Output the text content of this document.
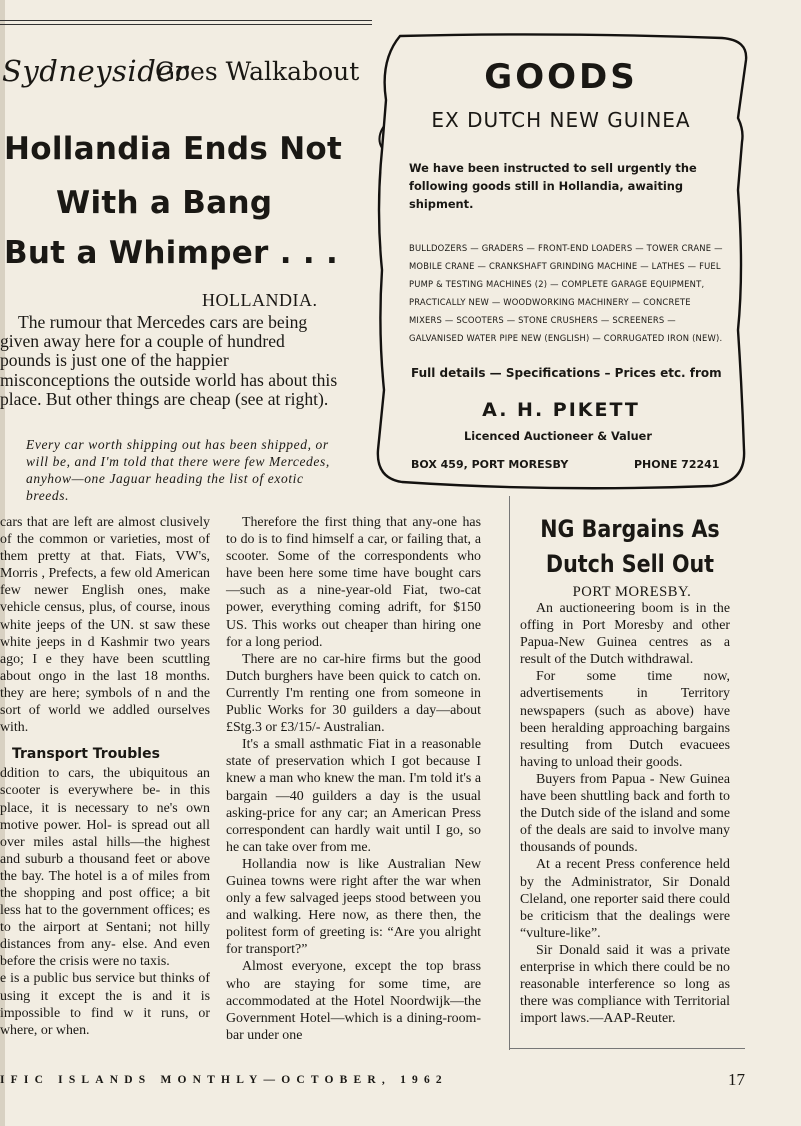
Sydneysider
Goes Walkabout
Hollandia Ends Not
With a Bang
But a Whimper . . .
HOLLANDIA.

The rumour that Mercedes cars are being given away here for a couple of hundred pounds is just one of the happier misconceptions the outside world has about this place. But other things are cheap (see at right).

Every car worth shipping out has been shipped, or will be, and I'm told that there were few Mercedes, anyhow—one Jaguar heading the list of exotic breeds.

cars that are left are almost clusively of the common or varieties, most of them pretty at that. Fiats, VW's, Morris , Prefects, a few old American few newer English ones, make vehicle census, plus, of course, inous white jeeps of the UN. st saw these white jeeps in d Kashmir two years ago; I e they have been scuttling about ongo in the last 18 months. they are here; symbols of n and the sort of world we addled ourselves with.

Transport Troubles

ddition to cars, the ubiquitous an scooter is everywhere be- in this place, it is necessary to ne's own motive power. Hol- is spread out all over miles astal hills—the highest and suburb a thousand feet or above the bay. The hotel is a of miles from the shopping and post office; a bit less hat to the government offices; es to the airport at Sentani; not hilly distances from any- else. And even before the crisis were no taxis.

e is a public bus service but thinks of using it except the is and it is impossible to find w it runs, or where, or when.

Therefore the first thing that any-one has to do is to find himself a car, or failing that, a scooter. Some of the correspondents who have been here some time have bought cars—such as a nine-year-old Fiat, two-cat power, everything coming adrift, for $150 US. This works out cheaper than hiring one for a long period.

There are no car-hire firms but the good Dutch burghers have been quick to catch on. Currently I'm renting one from someone in Public Works for 30 guilders a day—about £Stg.3 or £3/15/- Australian.

It's a small asthmatic Fiat in a reasonable state of preservation which I got because I knew a man who knew the man. I'm told it's a bargain —40 guilders a day is the usual asking-price for any car; an American Press correspondent can hardly wait until I go, so he can take over from me.

Hollandia now is like Australian New Guinea towns were right after the war when only a few salvaged jeeps stood between you and walking. Here now, as there then, the politest form of greeting is: “Are you alright for transport?”

Almost everyone, except the top brass who are staying for some time, are accommodated at the Hotel Noordwijk—the Government Hotel—which is a dining-room-bar under one

NG Bargains As Dutch Sell Out
PORT MORESBY.

An auctioneering boom is in the offing in Port Moresby and other Papua-New Guinea centres as a result of the Dutch withdrawal.

For some time now, advertisements in Territory newspapers (such as above) have been heralding approaching bargains resulting from Dutch evacuees having to unload their goods.

Buyers from Papua - New Guinea have been shuttling back and forth to the Dutch side of the island and some of the deals are said to involve many thousands of pounds.

At a recent Press conference held by the Administrator, Sir Donald Cleland, one reporter said there could be criticism that the dealings were “vulture-like”.

Sir Donald said it was a private enterprise in which there could be no reasonable interference so long as there was compliance with Territorial import laws.—AAP-Reuter.

GOODS
EX DUTCH NEW GUINEA
We have been instructed to sell urgently the following goods still in Hollandia, awaiting shipment.
BULLDOZERS — GRADERS — FRONT-END LOADERS — TOWER CRANE — MOBILE CRANE — CRANKSHAFT GRINDING MACHINE — LATHES — FUEL PUMP & TESTING MACHINES (2) — COMPLETE GARAGE EQUIPMENT, PRACTICALLY NEW — WOODWORKING MACHINERY — CONCRETE MIXERS — SCOOTERS — STONE CRUSHERS — SCREENERS — GALVANISED WATER PIPE NEW (ENGLISH) — CORRUGATED IRON (NEW).
Full details — Specifications – Prices etc. from
A. H. PIKETT
Licenced Auctioneer & Valuer
BOX 459, PORT MORESBY	PHONE 72241
IFIC ISLANDS MONTHLY—OCTOBER, 1962	17
